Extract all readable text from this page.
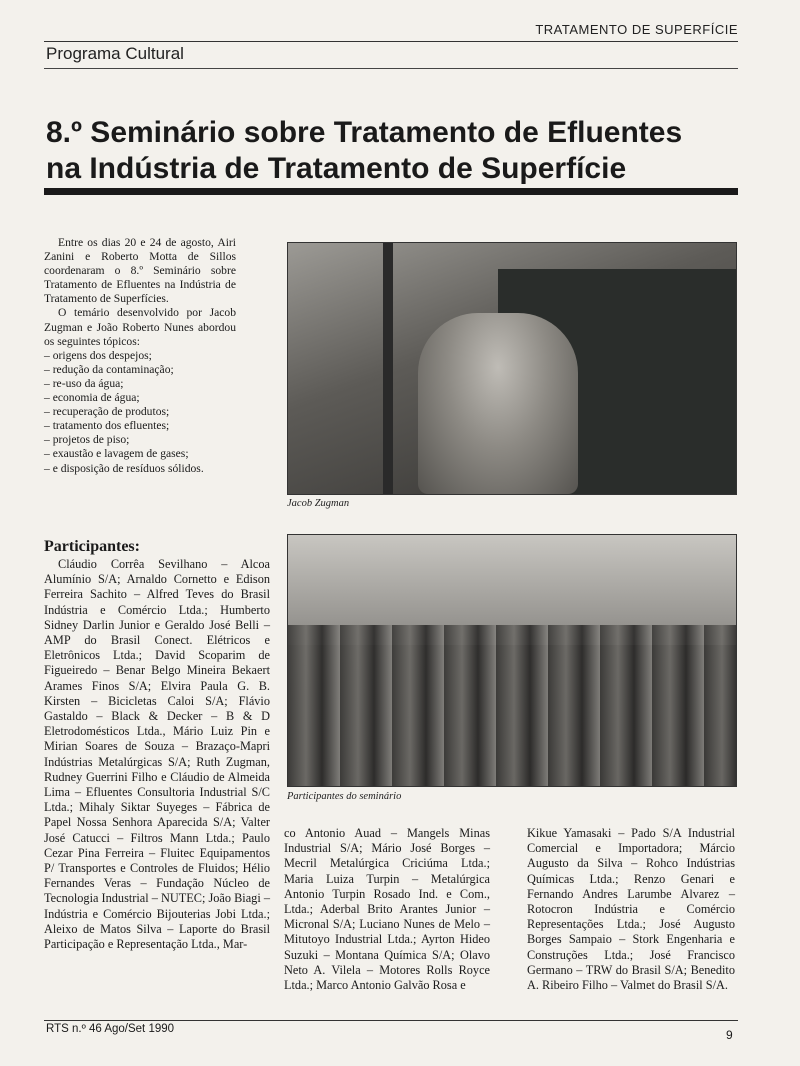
TRATAMENTO DE SUPERFÍCIE
Programa Cultural
8.º Seminário sobre Tratamento de Efluentes
na Indústria de Tratamento de Superfície

Entre os dias 20 e 24 de agosto, Airi Zanini e Roberto Motta de Sillos coordenaram o 8.º Seminário sobre Tratamento de Efluentes na Indústria de Tratamento de Superfícies.

O temário desenvolvido por Jacob Zugman e João Roberto Nunes abordou os seguintes tópicos:

– origens dos despejos;
– redução da contaminação;
– re-uso da água;
– economia de água;
– recuperação de produtos;
– tratamento dos efluentes;
– projetos de piso;
– exaustão e lavagem de gases;
– e disposição de resíduos sólidos.
Jacob Zugman
Participantes do seminário
Participantes:

Cláudio Corrêa Sevilhano – Alcoa Alumínio S/A; Arnaldo Cornetto e Edison Ferreira Sachito – Alfred Teves do Brasil Indústria e Comércio Ltda.; Humberto Sidney Darlin Junior e Geraldo José Belli – AMP do Brasil Conect. Elétricos e Eletrônicos Ltda.; David Scoparim de Figueiredo – Benar Belgo Mineira Bekaert Arames Finos S/A; Elvira Paula G. B. Kirsten – Bicicletas Caloi S/A; Flávio Gastaldo – Black & Decker – B & D Eletrodomésticos Ltda., Mário Luiz Pin e Mirian Soares de Souza – Brazaço-Mapri Indústrias Metalúrgicas S/A; Ruth Zugman, Rudney Guerrini Filho e Cláudio de Almeida Lima – Efluentes Consultoria Industrial S/C Ltda.; Mihaly Siktar Suyeges – Fábrica de Papel Nossa Senhora Aparecida S/A; Valter José Catucci – Filtros Mann Ltda.; Paulo Cezar Pina Ferreira – Fluitec Equipamentos P/ Transportes e Controles de Fluidos; Hélio Fernandes Veras – Fundação Núcleo de Tecnologia Industrial – NUTEC; João Biagi – Indústria e Comércio Bijouterias Jobi Ltda.; Aleixo de Matos Silva – Laporte do Brasil Participação e Representação Ltda., Mar-

co Antonio Auad – Mangels Minas Industrial S/A; Mário José Borges – Mecril Metalúrgica Criciúma Ltda.; Maria Luiza Turpin – Metalúrgica Antonio Turpin Rosado Ind. e Com., Ltda.; Aderbal Brito Arantes Junior – Micronal S/A; Luciano Nunes de Melo – Mitutoyo Industrial Ltda.; Ayrton Hideo Suzuki – Montana Química S/A; Olavo Neto A. Vilela – Motores Rolls Royce Ltda.; Marco Antonio Galvão Rosa e

Kikue Yamasaki – Pado S/A Industrial Comercial e Importadora; Márcio Augusto da Silva – Rohco Indústrias Químicas Ltda.; Renzo Genari e Fernando Andres Larumbe Alvarez – Rotocron Indústria e Comércio Representações Ltda.; José Augusto Borges Sampaio – Stork Engenharia e Construções Ltda.; José Francisco Germano – TRW do Brasil S/A; Benedito A. Ribeiro Filho – Valmet do Brasil S/A.

RTS n.º 46 Ago/Set 1990	9
